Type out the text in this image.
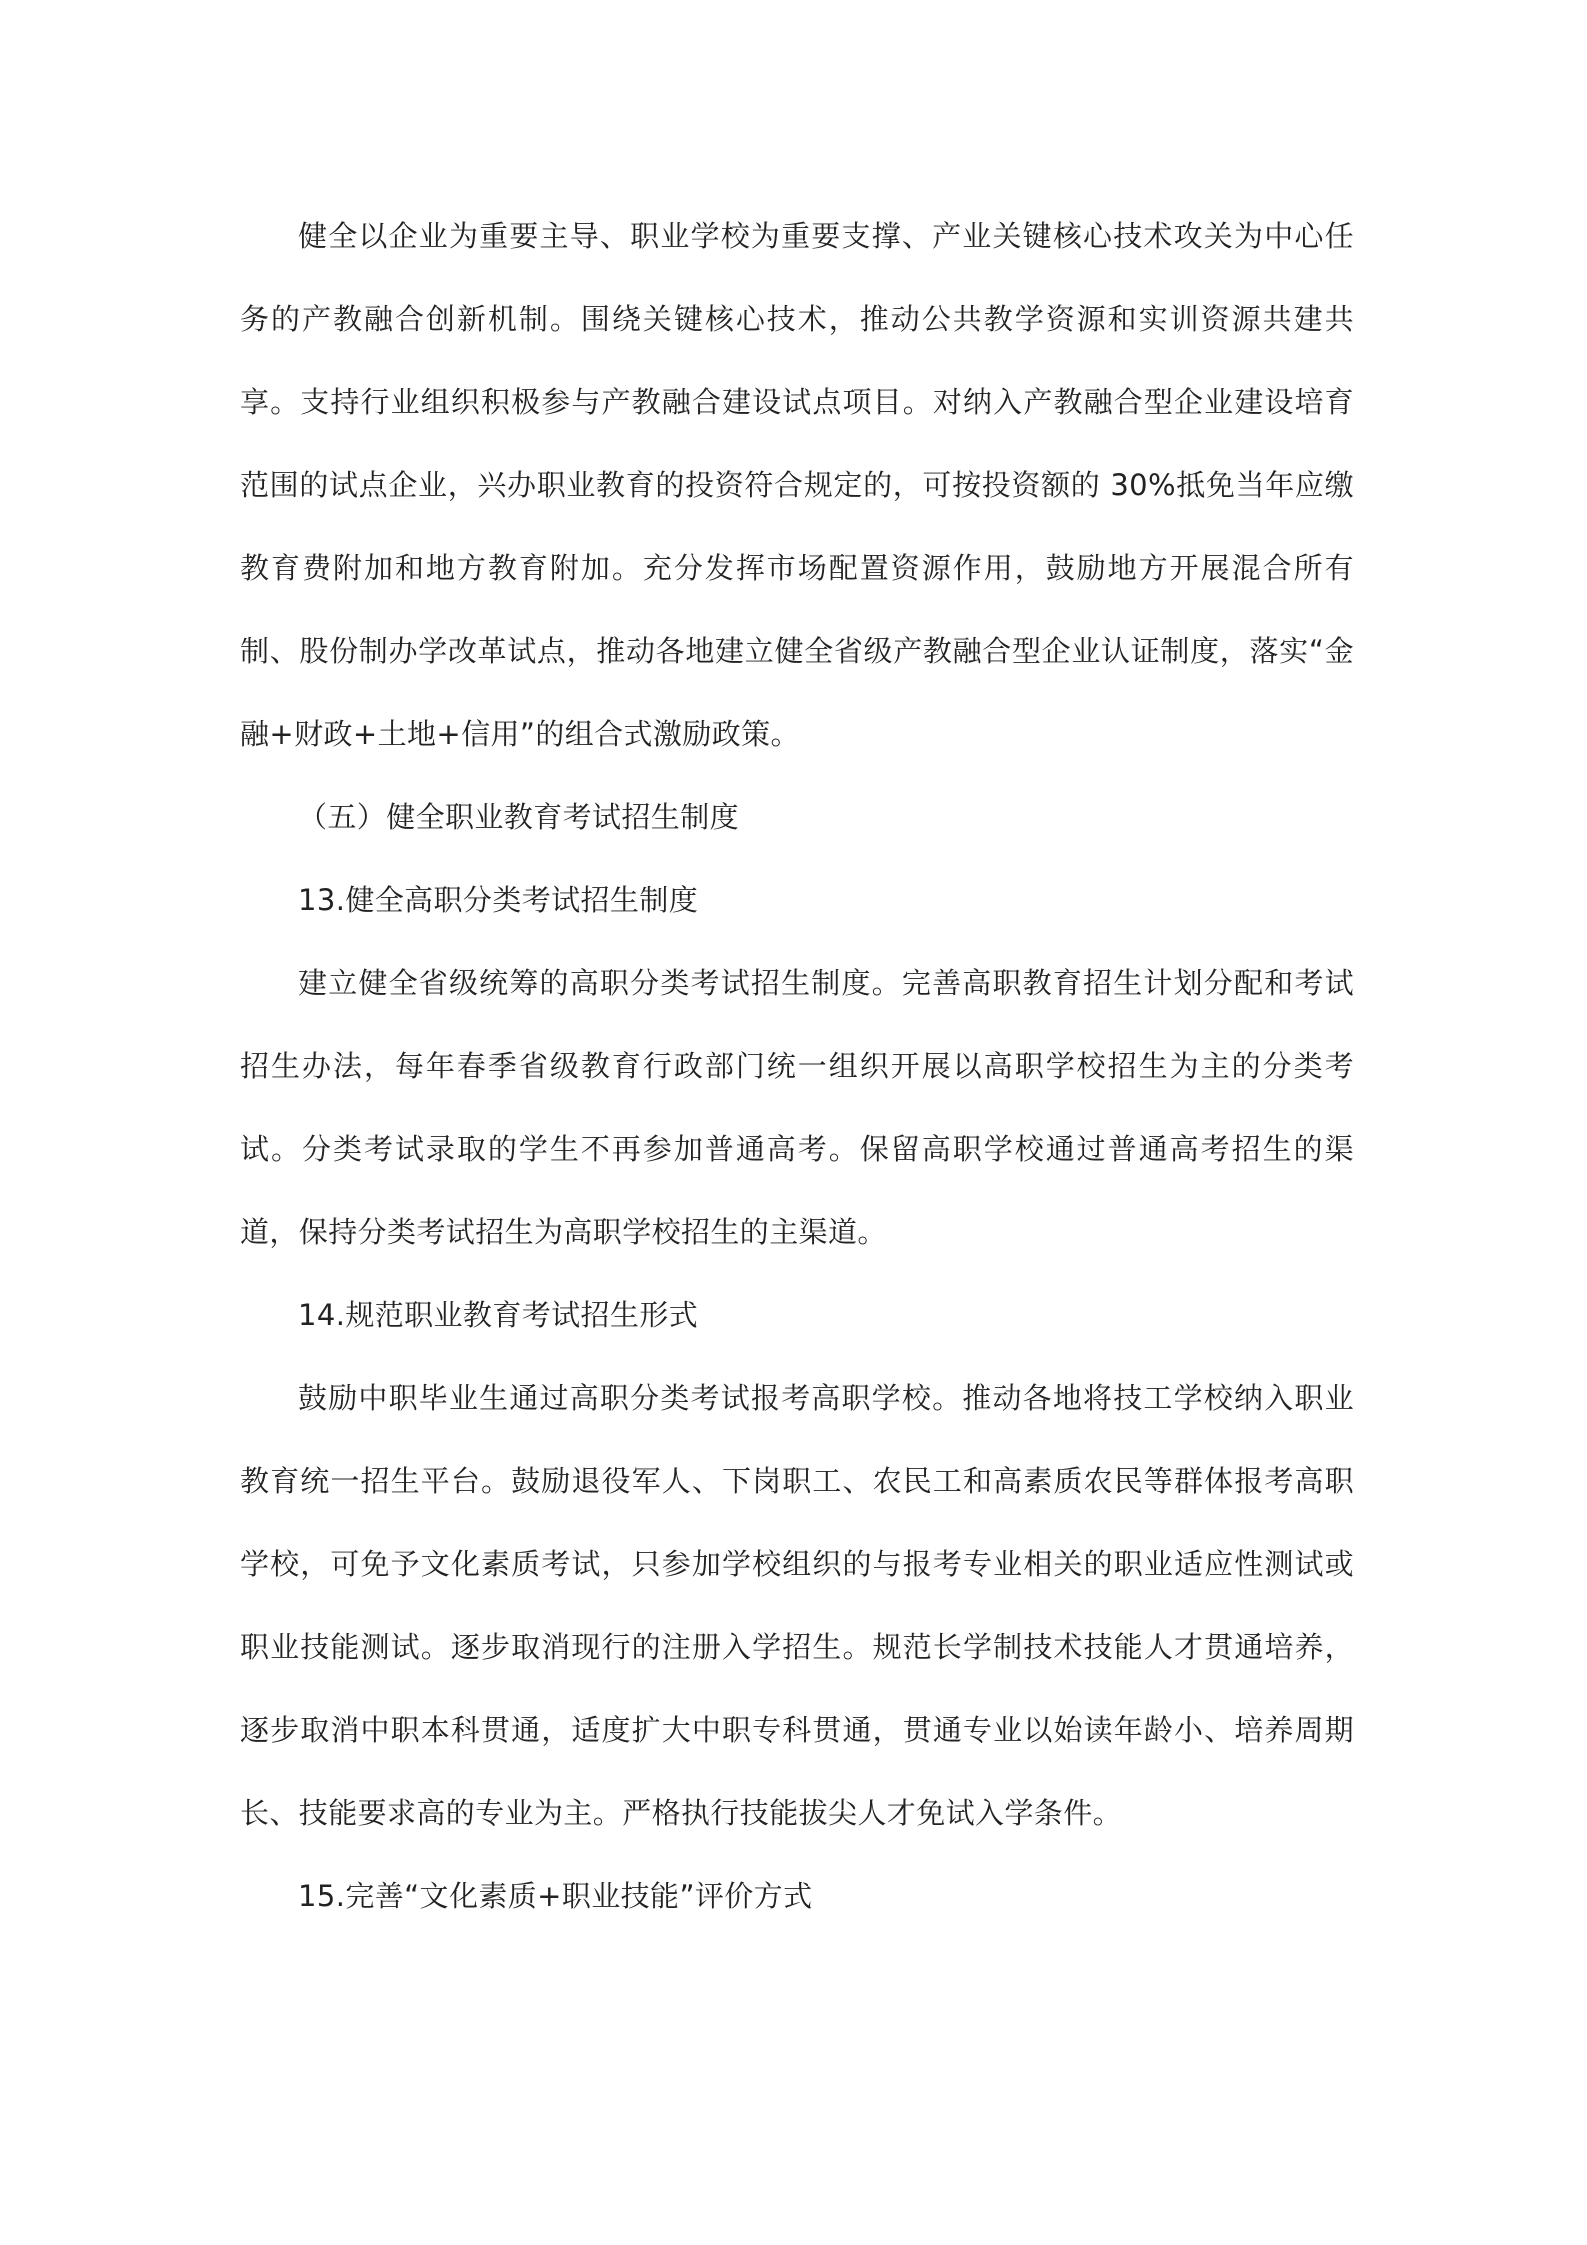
健全以企业为重要主导、职业学校为重要支撑、产业关键核心技术攻关为中心任务的产教融合创新机制。围绕关键核心技术，推动公共教学资源和实训资源共建共享。支持行业组织积极参与产教融合建设试点项目。对纳入产教融合型企业建设培育范围的试点企业，兴办职业教育的投资符合规定的，可按投资额的 30%抵免当年应缴教育费附加和地方教育附加。充分发挥市场配置资源作用，鼓励地方开展混合所有制、股份制办学改革试点，推动各地建立健全省级产教融合型企业认证制度，落实“金融+财政+土地+信用”的组合式激励政策。

（五）健全职业教育考试招生制度

13.健全高职分类考试招生制度

建立健全省级统筹的高职分类考试招生制度。完善高职教育招生计划分配和考试招生办法，每年春季省级教育行政部门统一组织开展以高职学校招生为主的分类考试。分类考试录取的学生不再参加普通高考。保留高职学校通过普通高考招生的渠道，保持分类考试招生为高职学校招生的主渠道。

14.规范职业教育考试招生形式

鼓励中职毕业生通过高职分类考试报考高职学校。推动各地将技工学校纳入职业教育统一招生平台。鼓励退役军人、下岗职工、农民工和高素质农民等群体报考高职学校，可免予文化素质考试，只参加学校组织的与报考专业相关的职业适应性测试或职业技能测试。逐步取消现行的注册入学招生。规范长学制技术技能人才贯通培养，逐步取消中职本科贯通，适度扩大中职专科贯通，贯通专业以始读年龄小、培养周期长、技能要求高的专业为主。严格执行技能拔尖人才免试入学条件。

15.完善“文化素质+职业技能”评价方式
